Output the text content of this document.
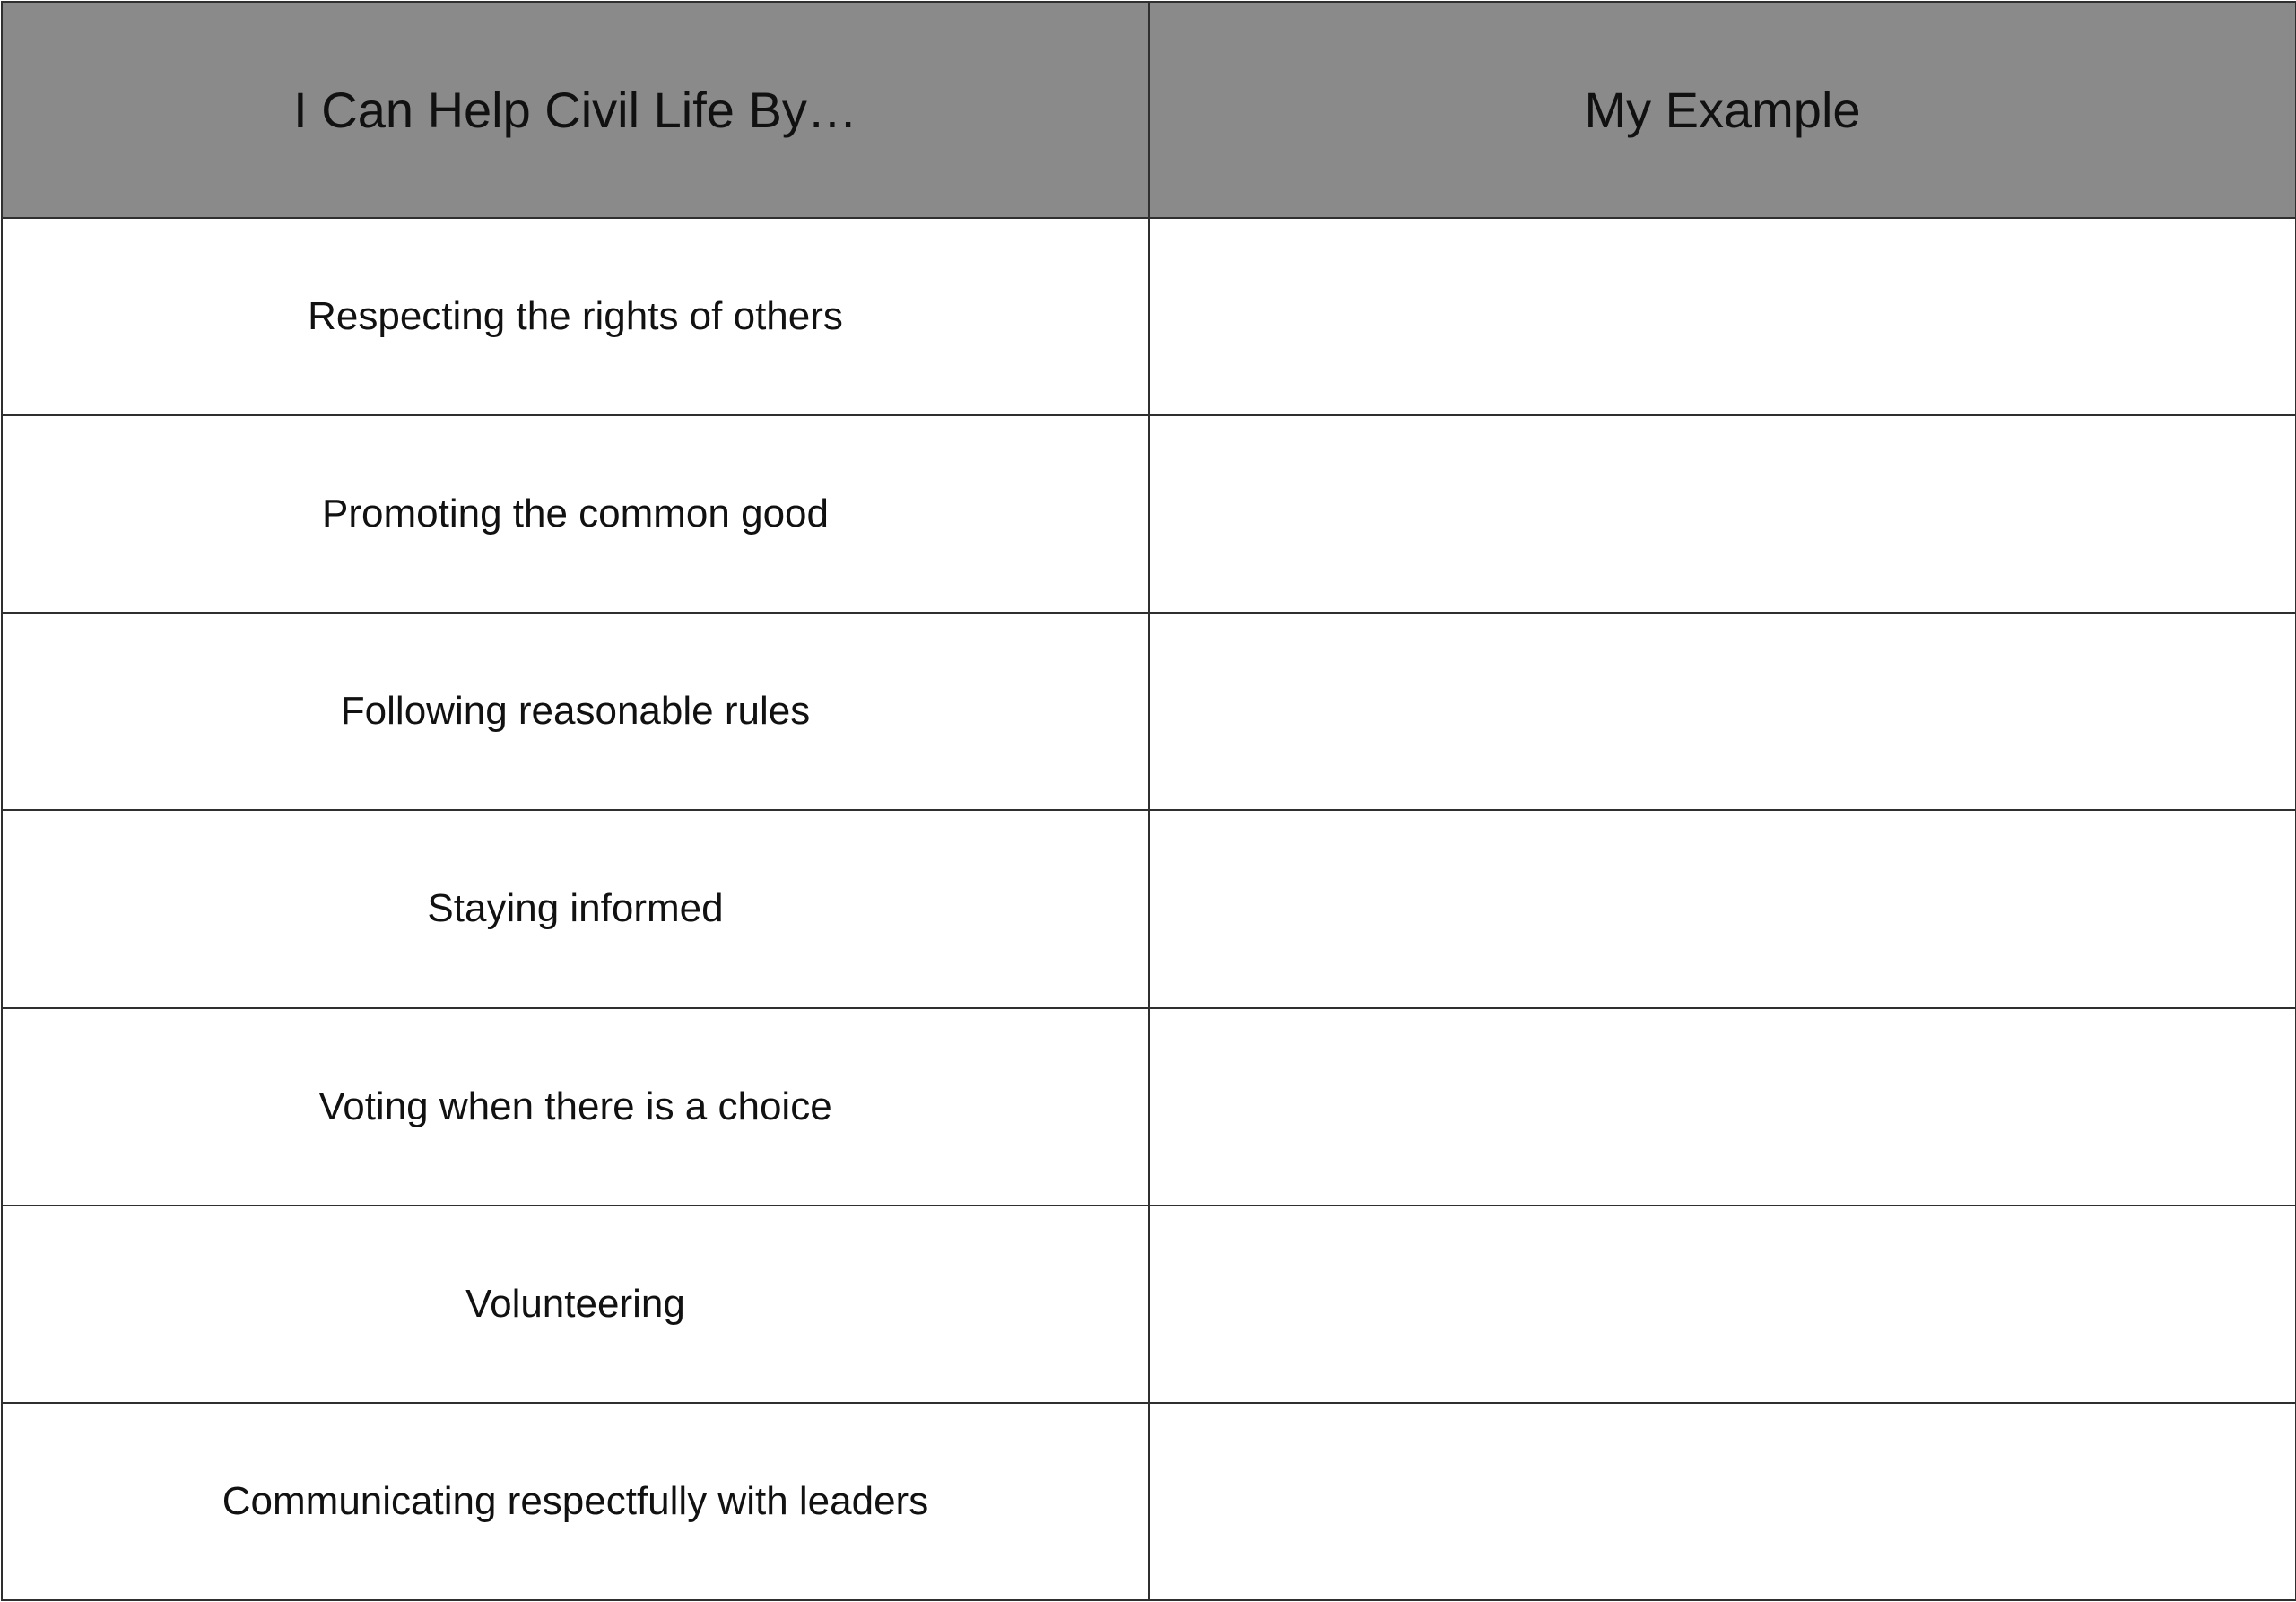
I Can Help Civil Life By…	My Example
Respecting the rights of others	
Promoting the common good	
Following reasonable rules	
Staying informed	
Voting when there is a choice	
Volunteering	
Communicating respectfully with leaders	
